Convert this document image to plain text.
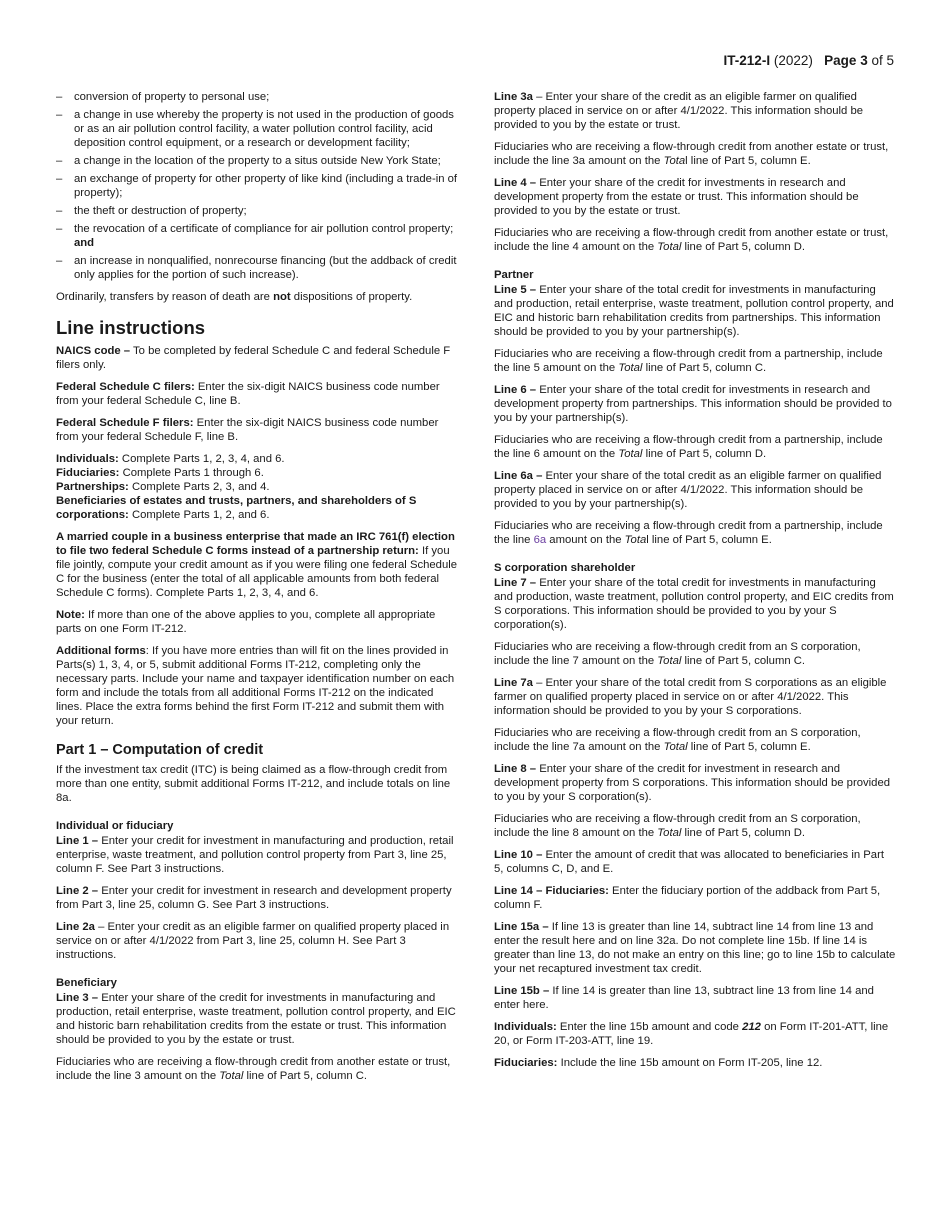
IT-212-I (2022) Page 3 of 5
– conversion of property to personal use;
– a change in use whereby the property is not used in the production of goods or as an air pollution control facility, a water pollution control facility, acid deposition control equipment, or a research or development facility;
– a change in the location of the property to a situs outside New York State;
– an exchange of property for other property of like kind (including a trade-in of property);
– the theft or destruction of property;
– the revocation of a certificate of compliance for air pollution control property; and
– an increase in nonqualified, nonrecourse financing (but the addback of credit only applies for the portion of such increase).

Ordinarily, transfers by reason of death are not dispositions of property.

Line instructions

NAICS code – To be completed by federal Schedule C and federal Schedule F filers only.

Federal Schedule C filers: Enter the six-digit NAICS business code number from your federal Schedule C, line B.

Federal Schedule F filers: Enter the six-digit NAICS business code number from your federal Schedule F, line B.

Individuals: Complete Parts 1, 2, 3, 4, and 6.

Fiduciaries: Complete Parts 1 through 6.

Partnerships: Complete Parts 2, 3, and 4.

Beneficiaries of estates and trusts, partners, and shareholders of S corporations: Complete Parts 1, 2, and 6.

A married couple in a business enterprise that made an IRC 761(f) election to file two federal Schedule C forms instead of a partnership return: If you file jointly, compute your credit amount as if you were filing one federal Schedule C for the business (enter the total of all applicable amounts from both federal Schedule C forms). Complete Parts 1, 2, 3, 4, and 6.

Note: If more than one of the above applies to you, complete all appropriate parts on one Form IT-212.

Additional forms: If you have more entries than will fit on the lines provided in Parts(s) 1, 3, 4, or 5, submit additional Forms IT-212, completing only the necessary parts. Include your name and taxpayer identification number on each form and include the totals from all additional Forms IT-212 on the indicated lines. Place the extra forms behind the first Form IT-212 and submit them with your return.

Part 1 – Computation of credit

If the investment tax credit (ITC) is being claimed as a flow-through credit from more than one entity, submit additional Forms IT-212, and include totals on line 8a.

Individual or fiduciary

Line 1 – Enter your credit for investment in manufacturing and production, retail enterprise, waste treatment, and pollution control property from Part 3, line 25, column F. See Part 3 instructions.

Line 2 – Enter your credit for investment in research and development property from Part 3, line 25, column G. See Part 3 instructions.

Line 2a – Enter your credit as an eligible farmer on qualified property placed in service on or after 4/1/2022 from Part 3, line 25, column H. See Part 3 instructions.

Beneficiary

Line 3 – Enter your share of the credit for investments in manufacturing and production, retail enterprise, waste treatment, pollution control property, and EIC and historic barn rehabilitation credits from the estate or trust. This information should be provided to you by the estate or trust.

Fiduciaries who are receiving a flow-through credit from another estate or trust, include the line 3 amount on the Total line of Part 5, column C.

Line 3a – Enter your share of the credit as an eligible farmer on qualified property placed in service on or after 4/1/2022. This information should be provided to you by the estate or trust.

Fiduciaries who are receiving a flow-through credit from another estate or trust, include the line 3a amount on the Total line of Part 5, column E.

Line 4 – Enter your share of the credit for investments in research and development property from the estate or trust. This information should be provided to you by the estate or trust.

Fiduciaries who are receiving a flow-through credit from another estate or trust, include the line 4 amount on the Total line of Part 5, column D.

Partner

Line 5 – Enter your share of the total credit for investments in manufacturing and production, retail enterprise, waste treatment, pollution control property, and EIC and historic barn rehabilitation credits from partnerships. This information should be provided to you by your partnership(s).

Fiduciaries who are receiving a flow-through credit from a partnership, include the line 5 amount on the Total line of Part 5, column C.

Line 6 – Enter your share of the total credit for investments in research and development property from partnerships. This information should be provided to you by your partnership(s).

Fiduciaries who are receiving a flow-through credit from a partnership, include the line 6 amount on the Total line of Part 5, column D.

Line 6a – Enter your share of the total credit as an eligible farmer on qualified property placed in service on or after 4/1/2022. This information should be provided to you by your partnership(s).

Fiduciaries who are receiving a flow-through credit from a partnership, include the line 6a amount on the Total line of Part 5, column E.

S corporation shareholder

Line 7 – Enter your share of the total credit for investments in manufacturing and production, waste treatment, pollution control property, and EIC credits from S corporations. This information should be provided to you by your S corporation(s).

Fiduciaries who are receiving a flow-through credit from an S corporation, include the line 7 amount on the Total line of Part 5, column C.

Line 7a – Enter your share of the total credit from S corporations as an eligible farmer on qualified property placed in service on or after 4/1/2022. This information should be provided to you by your S corporations.

Fiduciaries who are receiving a flow-through credit from an S corporation, include the line 7a amount on the Total line of Part 5, column E.

Line 8 – Enter your share of the credit for investment in research and development property from S corporations. This information should be provided to you by your S corporation(s).

Fiduciaries who are receiving a flow-through credit from an S corporation, include the line 8 amount on the Total line of Part 5, column D.

Line 10 – Enter the amount of credit that was allocated to beneficiaries in Part 5, columns C, D, and E.

Line 14 – Fiduciaries: Enter the fiduciary portion of the addback from Part 5, column F.

Line 15a – If line 13 is greater than line 14, subtract line 14 from line 13 and enter the result here and on line 32a. Do not complete line 15b. If line 14 is greater than line 13, do not make an entry on this line; go to line 15b to calculate your net recaptured investment tax credit.

Line 15b – If line 14 is greater than line 13, subtract line 13 from line 14 and enter here.

Individuals: Enter the line 15b amount and code 212 on Form IT-201-ATT, line 20, or Form IT-203-ATT, line 19.

Fiduciaries: Include the line 15b amount on Form IT-205, line 12.
